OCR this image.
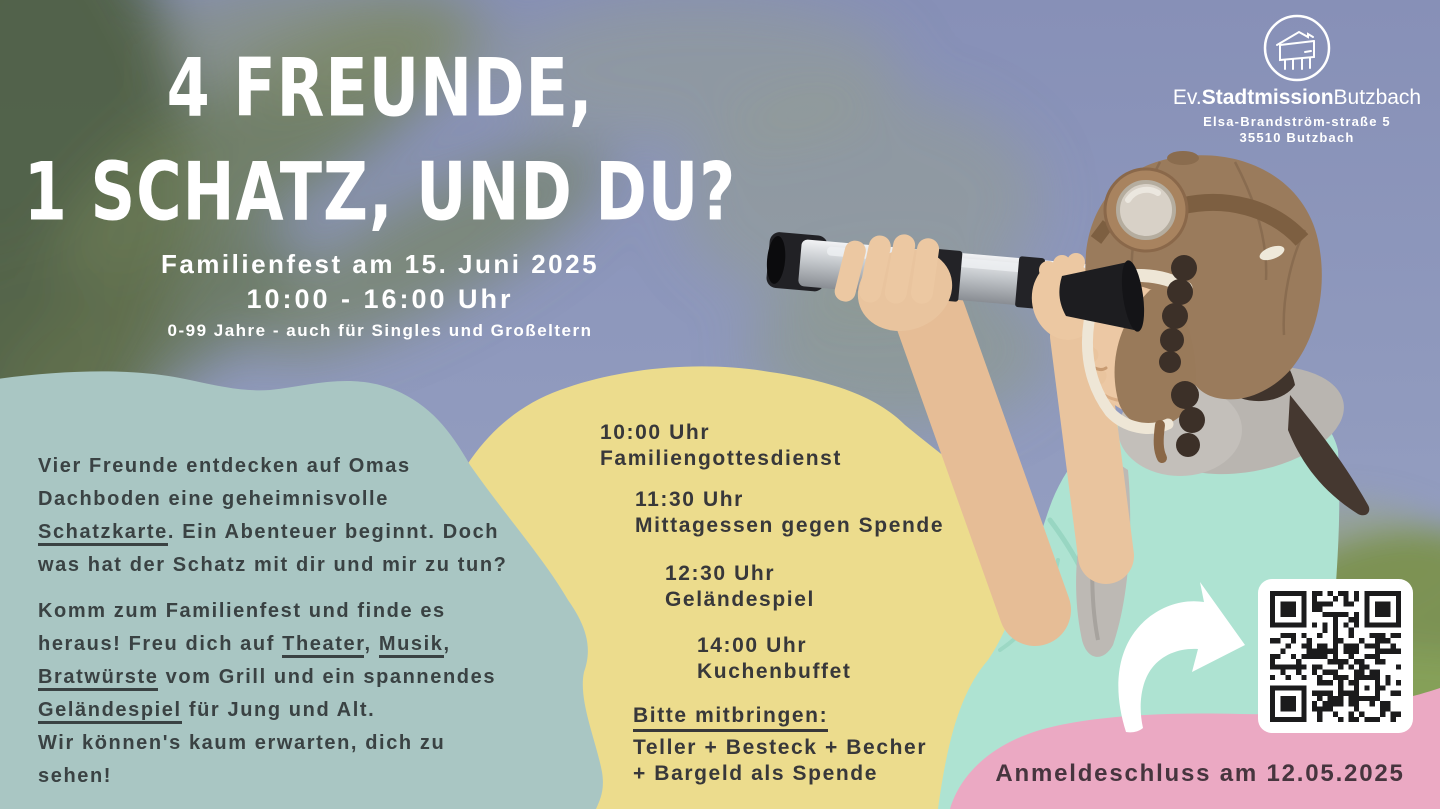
4 FREUNDE,
1 SCHATZ, UND DU?
Familienfest am 15. Juni 2025
10:00 - 16:00 Uhr
0-99 Jahre - auch für Singles und Großeltern
Ev.StadtmissionButzbach
Elsa-Brandström-straße 5
35510 Butzbach
Vier Freunde entdecken auf Omas
Dachboden eine geheimnisvolle
Schatzkarte. Ein Abenteuer beginnt. Doch
was hat der Schatz mit dir und mir zu tun?
Komm zum Familienfest und finde es
heraus! Freu dich auf Theater, Musik,
Bratwürste vom Grill und ein spannendes
Geländespiel für Jung und Alt.
Wir können's kaum erwarten, dich zu
sehen!
10:00 Uhr
Familiengottesdienst
11:30 Uhr
Mittagessen gegen Spende
12:30 Uhr
Geländespiel
14:00 Uhr
Kuchenbuffet
Bitte mitbringen:
Teller + Besteck + Becher
+ Bargeld als Spende	Anmeldeschluss am 12.05.2025
